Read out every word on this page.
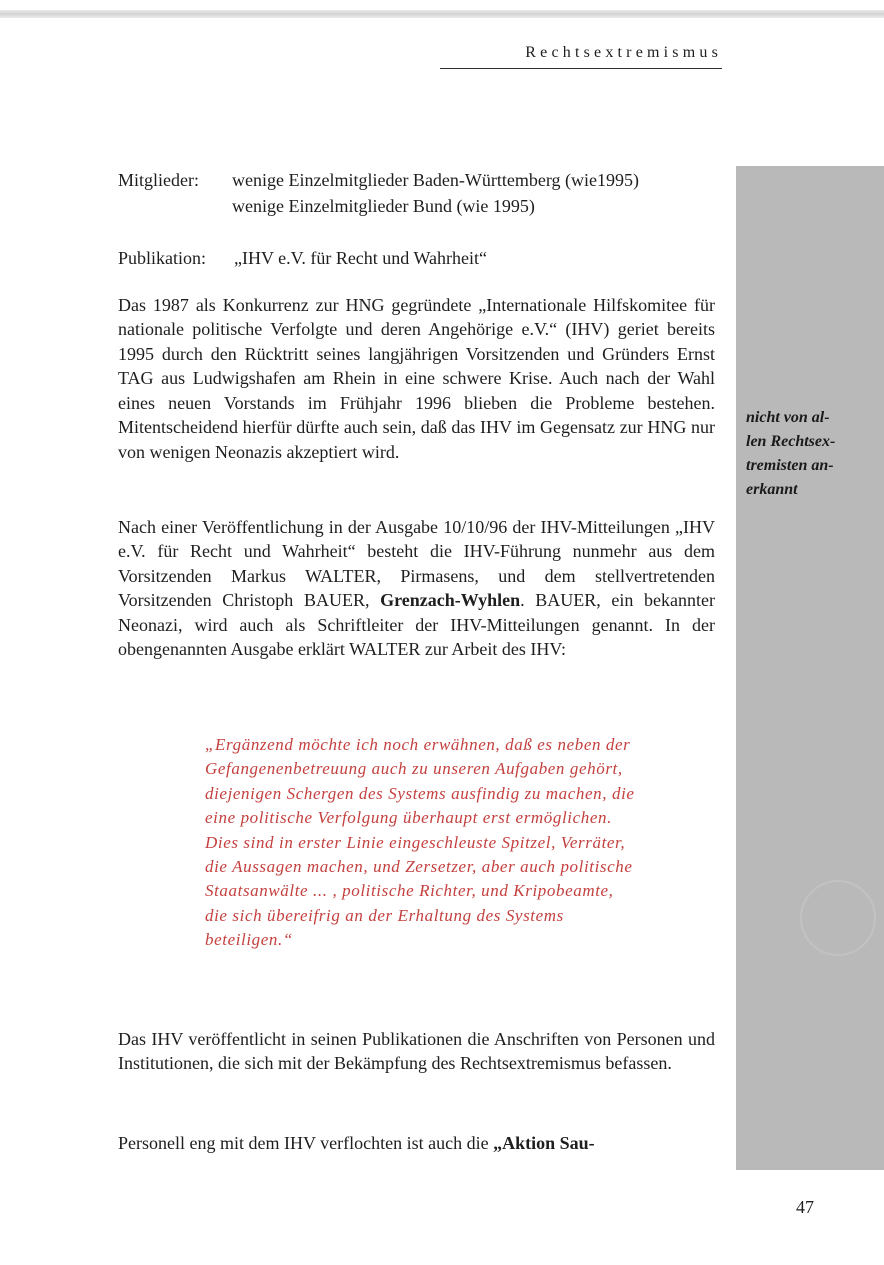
Rechtsextremismus
nicht von al-
len Rechtsex-
tremisten an-
erkannt
Mitglieder: wenige Einzelmitglieder Baden-Württemberg (wie1995)
wenige Einzelmitglieder Bund (wie 1995)
Publikation: „IHV e.V. für Recht und Wahrheit“

Das 1987 als Konkurrenz zur HNG gegründete „Internationale Hilfskomitee für nationale politische Verfolgte und deren Angehörige e.V.“ (IHV) geriet bereits 1995 durch den Rücktritt seines langjährigen Vorsitzenden und Gründers Ernst TAG aus Ludwigshafen am Rhein in eine schwere Krise. Auch nach der Wahl eines neuen Vorstands im Frühjahr 1996 blieben die Probleme bestehen. Mitentscheidend hierfür dürfte auch sein, daß das IHV im Gegensatz zur HNG nur von wenigen Neonazis akzeptiert wird.

Nach einer Veröffentlichung in der Ausgabe 10/10/96 der IHV-Mitteilungen „IHV e.V. für Recht und Wahrheit“ besteht die IHV-Führung nunmehr aus dem Vorsitzenden Markus WALTER, Pirmasens, und dem stellvertretenden Vorsitzenden Christoph BAUER, Grenzach-Wyhlen. BAUER, ein bekannter Neonazi, wird auch als Schriftleiter der IHV-Mitteilungen genannt. In der obengenannten Ausgabe erklärt WALTER zur Arbeit des IHV:

„Ergänzend möchte ich noch erwähnen, daß es neben der Gefangenenbetreuung auch zu unseren Aufgaben gehört, diejenigen Schergen des Systems ausfindig zu machen, die eine politische Verfolgung überhaupt erst ermöglichen. Dies sind in erster Linie eingeschleuste Spitzel, Verräter, die Aussagen machen, und Zersetzer, aber auch politische Staatsanwälte ... , politische Richter, und Kripobeamte, die sich übereifrig an der Erhaltung des Systems beteiligen.“

Das IHV veröffentlicht in seinen Publikationen die Anschriften von Personen und Institutionen, die sich mit der Bekämpfung des Rechtsextremismus befassen.

Personell eng mit dem IHV verflochten ist auch die „Aktion Sau-

47
